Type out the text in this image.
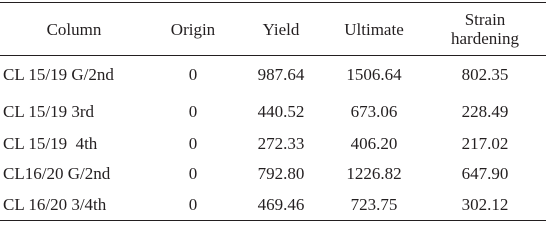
Column	Origin	Yield	Ultimate	Strain
hardening
CL 15/19 G/2nd	0	987.64	1506.64	802.35
CL 15/19 3rd	0	440.52	673.06	228.49
CL 15/19  4th	0	272.33	406.20	217.02
CL16/20 G/2nd	0	792.80	1226.82	647.90
CL 16/20 3/4th	0	469.46	723.75	302.12
